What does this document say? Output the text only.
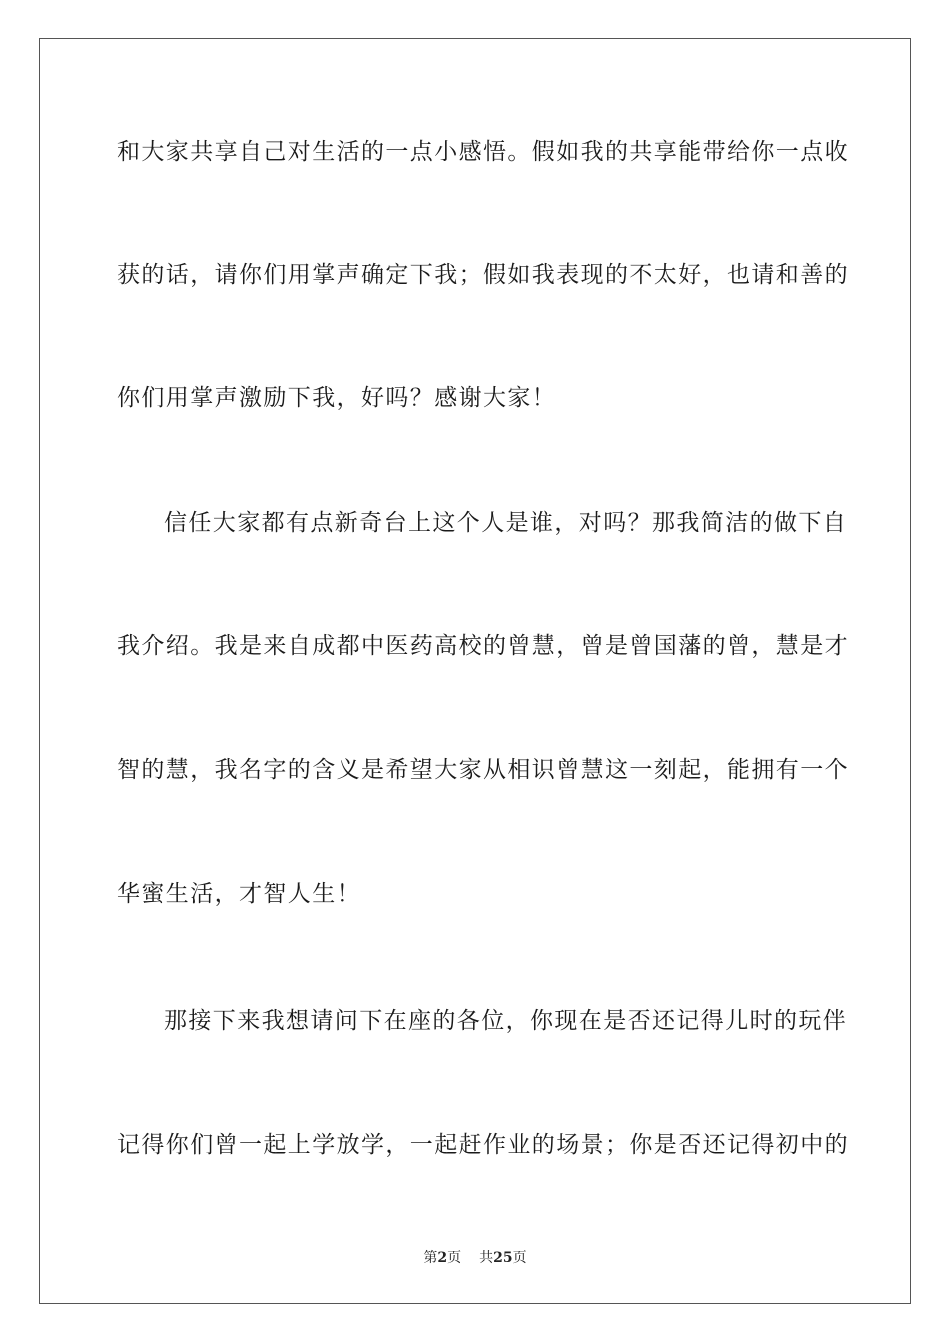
和大家共享自己对生活的一点小感悟。假如我的共享能带给你一点收
获的话，请你们用掌声确定下我；假如我表现的不太好，也请和善的
你们用掌声激励下我，好吗？感谢大家！
信任大家都有点新奇台上这个人是谁，对吗？那我简洁的做下自
我介绍。我是来自成都中医药高校的曾慧，曾是曾国藩的曾，慧是才
智的慧，我名字的含义是希望大家从相识曾慧这一刻起，能拥有一个
华蜜生活，才智人生！
那接下来我想请问下在座的各位，你现在是否还记得儿时的玩伴
记得你们曾一起上学放学，一起赶作业的场景；你是否还记得初中的
第2页 共25页
